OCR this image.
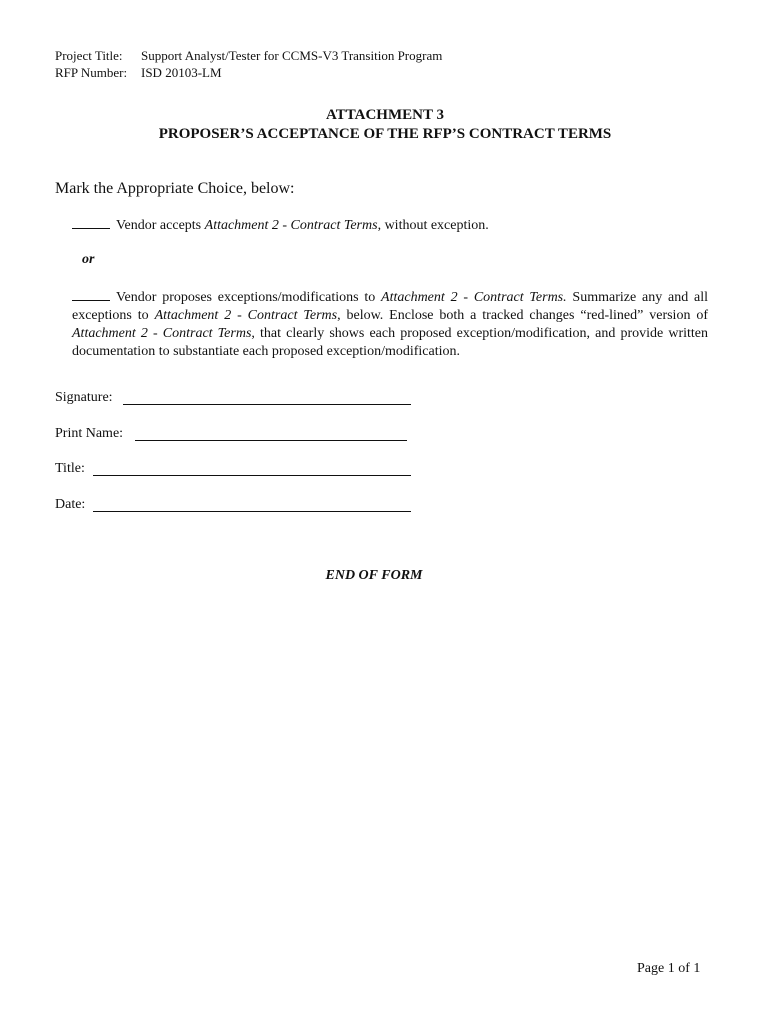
Project Title: Support Analyst/Tester for CCMS-V3 Transition Program
RFP Number: ISD 20103-LM
ATTACHMENT 3
PROPOSER’S ACCEPTANCE OF THE RFP’S CONTRACT TERMS
Mark the Appropriate Choice, below:
Vendor accepts Attachment 2 - Contract Terms, without exception.
or
Vendor proposes exceptions/modifications to Attachment 2 - Contract Terms. Summarize any and all exceptions to Attachment 2 - Contract Terms, below. Enclose both a tracked changes “red-lined” version of Attachment 2 - Contract Terms, that clearly shows each proposed exception/modification, and provide written documentation to substantiate each proposed exception/modification.
Signature:
Print Name:
Title:
Date:
END OF FORM
Page 1 of 1
